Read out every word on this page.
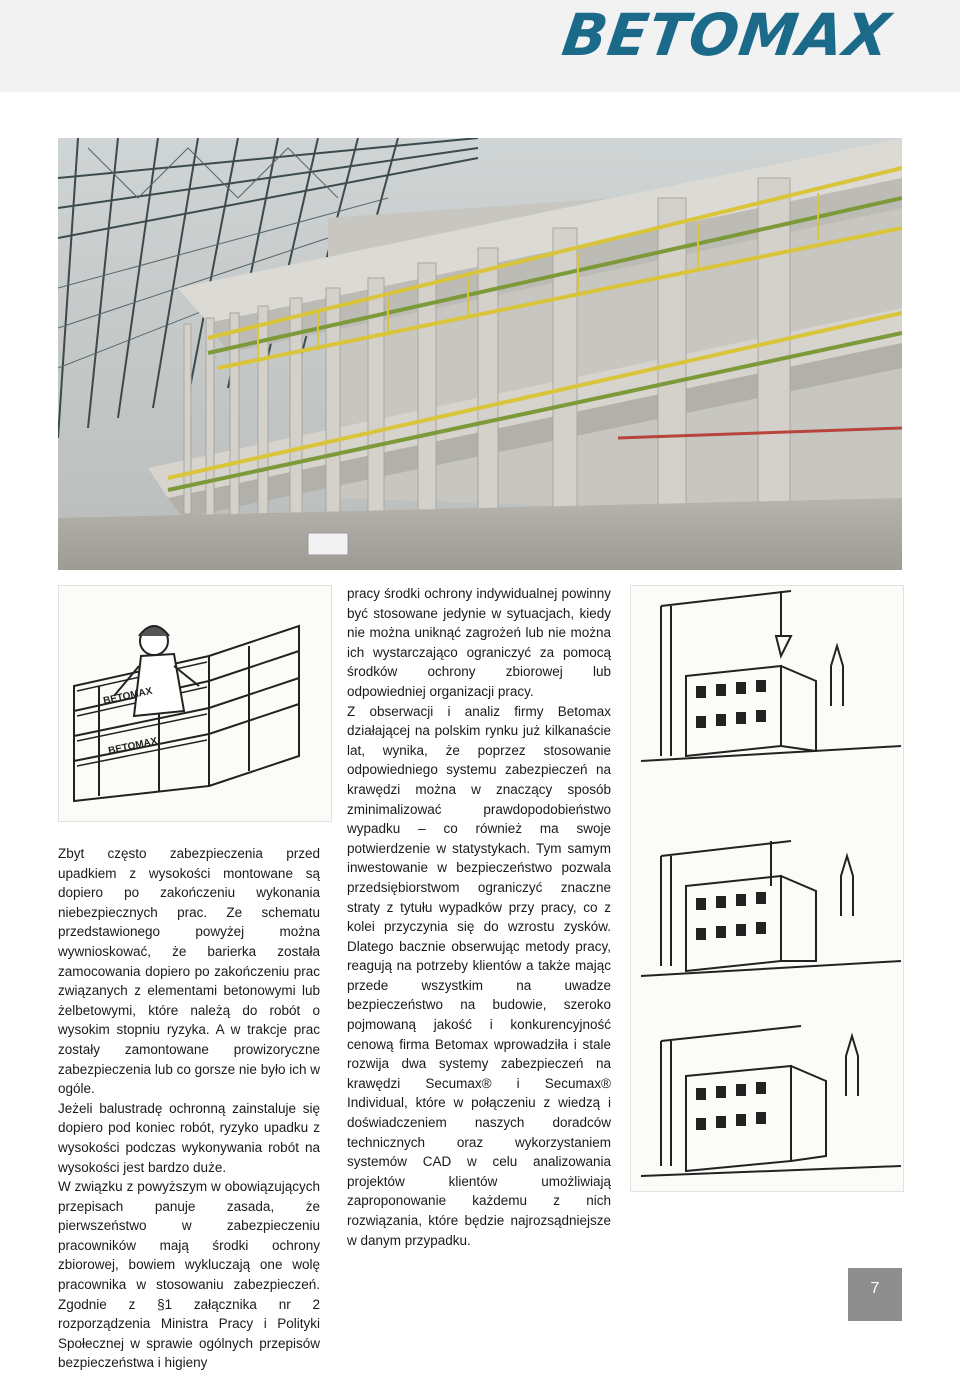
BETOMAX
BETOMAX
BETOMAX

Zbyt często zabezpieczenia przed upadkiem z wysokości montowane są dopiero po zakończeniu wykonania niebezpiecznych prac. Ze schematu przedstawionego powyżej można wywnioskować, że barierka została zamocowania dopiero po zakończeniu prac związanych z elementami betonowymi lub żelbetowymi, które należą do robót o wysokim stopniu ryzyka. A w trakcje prac zostały zamontowane prowizoryczne zabezpieczenia lub co gorsze nie było ich w ogóle.

Jeżeli balustradę ochronną zainstaluje się dopiero pod koniec robót, ryzyko upadku z wysokości podczas wykonywania robót na wysokości jest bardzo duże.

W związku z powyższym w obowiązujących przepisach panuje zasada, że pierwszeństwo w zabezpieczeniu pracowników mają środki ochrony zbiorowej, bowiem wykluczają one wolę pracownika w stosowaniu zabezpieczeń. Zgodnie z §1 załącznika nr 2 rozporządzenia Ministra Pracy i Polityki Społecznej w sprawie ogólnych przepisów bezpieczeństwa i higieny

pracy środki ochrony indywidualnej powinny być stosowane jedynie w sytuacjach, kiedy nie można uniknąć zagrożeń lub nie można ich wystarczająco ograniczyć za pomocą środków ochrony zbiorowej lub odpowiedniej organizacji pracy.

Z obserwacji i analiz firmy Betomax działającej na polskim rynku już kilkanaście lat, wynika, że poprzez stosowanie odpowiedniego systemu zabezpieczeń na krawędzi można w znaczący sposób zminimalizować prawdopodobieństwo wypadku – co również ma swoje potwierdzenie w statystykach. Tym samym inwestowanie w bezpieczeństwo pozwala przedsiębiorstwom ograniczyć znaczne straty z tytułu wypadków przy pracy, co z kolei przyczynia się do wzrostu zysków. Dlatego bacznie obserwując metody pracy, reagują na potrzeby klientów a także mając przede wszystkim na uwadze bezpieczeństwo na budowie, szeroko pojmowaną jakość i konkurencyjność cenową firma Betomax wprowadziła i stale rozwija dwa systemy zabezpieczeń na krawędzi Secumax® i Secumax® Individual, które w połączeniu z wiedzą i doświadczeniem naszych doradców technicznych oraz wykorzystaniem systemów CAD w celu analizowania projektów klientów umożliwiają zaproponowanie każdemu z nich rozwiązania, które będzie najrozsądniejsze w danym przypadku.

7
